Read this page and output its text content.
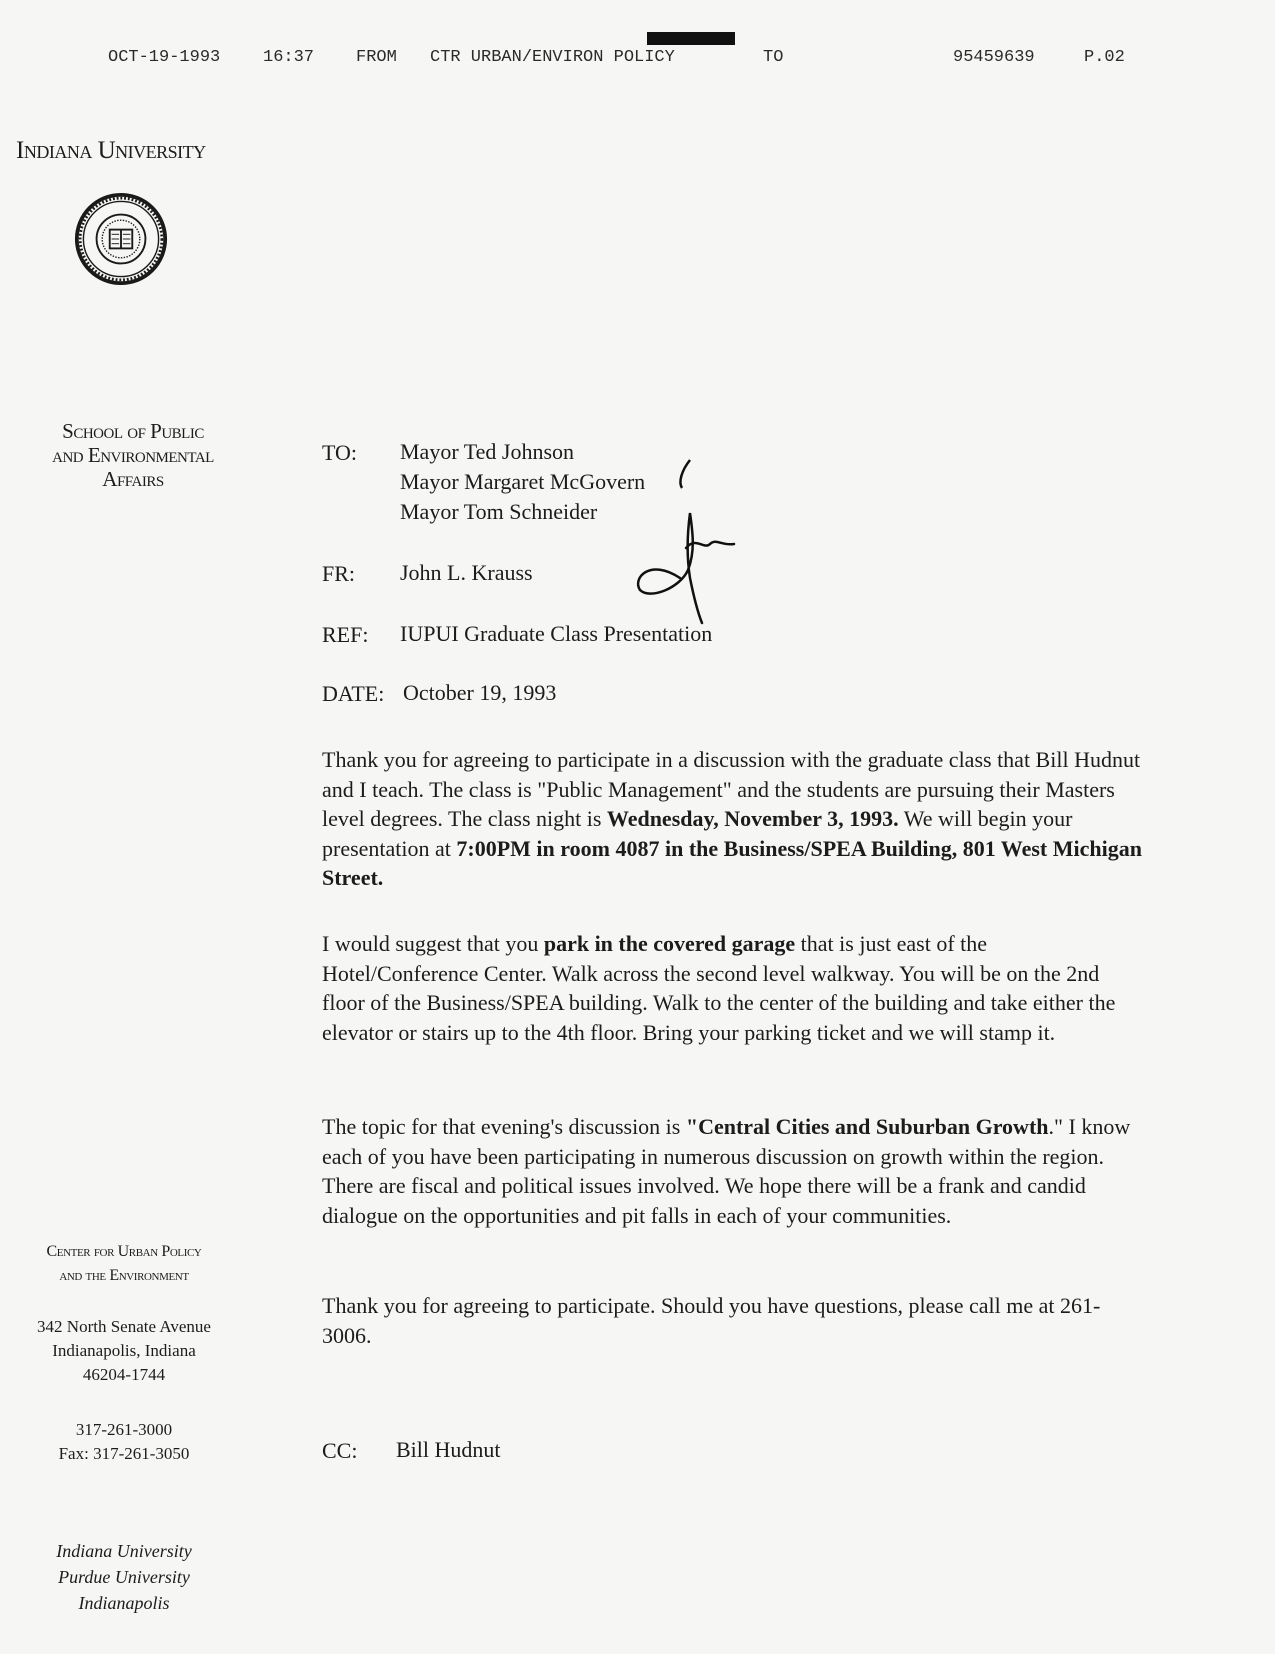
OCT-19-1993	16:37 FROM CTR URBAN/ENVIRON POLICY	TO	95459639	P.02
Indiana University
School of Public
and Environmental
Affairs
Center for Urban Policy
and the Environment
342 North Senate Avenue
Indianapolis, Indiana
46204-1744
317-261-3000
Fax: 317-261-3050
Indiana University
Purdue University
Indianapolis
TO: Mayor Ted Johnson
Mayor Margaret McGovern
Mayor Tom Schneider
FR: John L. Krauss
REF: IUPUI Graduate Class Presentation
DATE: October 19, 1993
Thank you for agreeing to participate in a discussion with the graduate class that Bill Hudnut and I teach. The class is "Public Management" and the students are pursuing their Masters level degrees. The class night is Wednesday, November 3, 1993. We will begin your presentation at 7:00PM in room 4087 in the Business/SPEA Building, 801 West Michigan Street.
I would suggest that you park in the covered garage that is just east of the Hotel/Conference Center. Walk across the second level walkway. You will be on the 2nd floor of the Business/SPEA building. Walk to the center of the building and take either the elevator or stairs up to the 4th floor. Bring your parking ticket and we will stamp it.
The topic for that evening's discussion is "Central Cities and Suburban Growth." I know each of you have been participating in numerous discussion on growth within the region. There are fiscal and political issues involved. We hope there will be a frank and candid dialogue on the opportunities and pit falls in each of your communities.
Thank you for agreeing to participate. Should you have questions, please call me at 261-3006.
CC: Bill Hudnut
